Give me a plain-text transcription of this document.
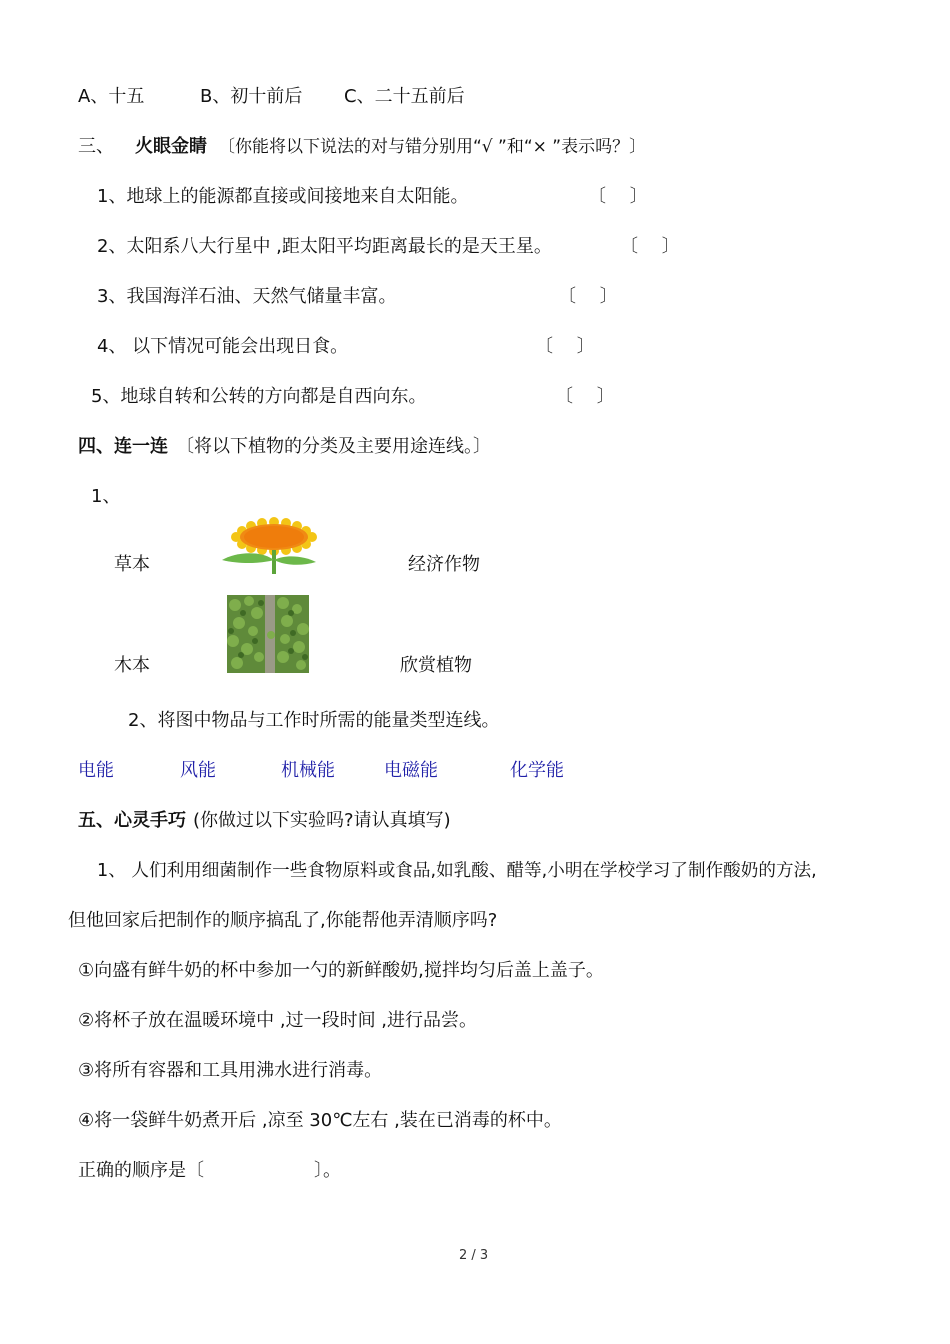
A、十五	B、初十前后 C、二十五前后
三、 火眼金睛 〔你能将以下说法的对与错分别用“√ ”和“× ”表示吗？〕
1、地球上的能源都直接或间接地来自太阳能。	〔　 〕
2、太阳系八大行星中 ,距太阳平均距离最长的是天王星。	〔　 〕
3、我国海洋石油、天然气储量丰富。	〔　 〕
4、 以下情况可能会出现日食。	〔　 〕
5、地球自转和公转的方向都是自西向东。	〔　 〕
四、连一连 〔将以下植物的分类及主要用途连线。〕
1、
草本
木本
经济作物
欣赏植物
2、将图中物品与工作时所需的能量类型连线。
电能	风能	机械能	电磁能	化学能
五、心灵手巧 (你做过以下实验吗?请认真填写)
1、 人们利用细菌制作一些食物原料或食品,如乳酸、醋等,小明在学校学习了制作酸奶的方法,
但他回家后把制作的顺序搞乱了,你能帮他弄清顺序吗?
①向盛有鲜牛奶的杯中参加一勺的新鲜酸奶,搅拌均匀后盖上盖子。
②将杯子放在温暖环境中 ,过一段时间 ,进行品尝。
③将所有容器和工具用沸水进行消毒。
④将一袋鲜牛奶煮开后 ,凉至 30℃左右 ,装在已消毒的杯中。
正确的顺序是〔	〕。
2 / 3
